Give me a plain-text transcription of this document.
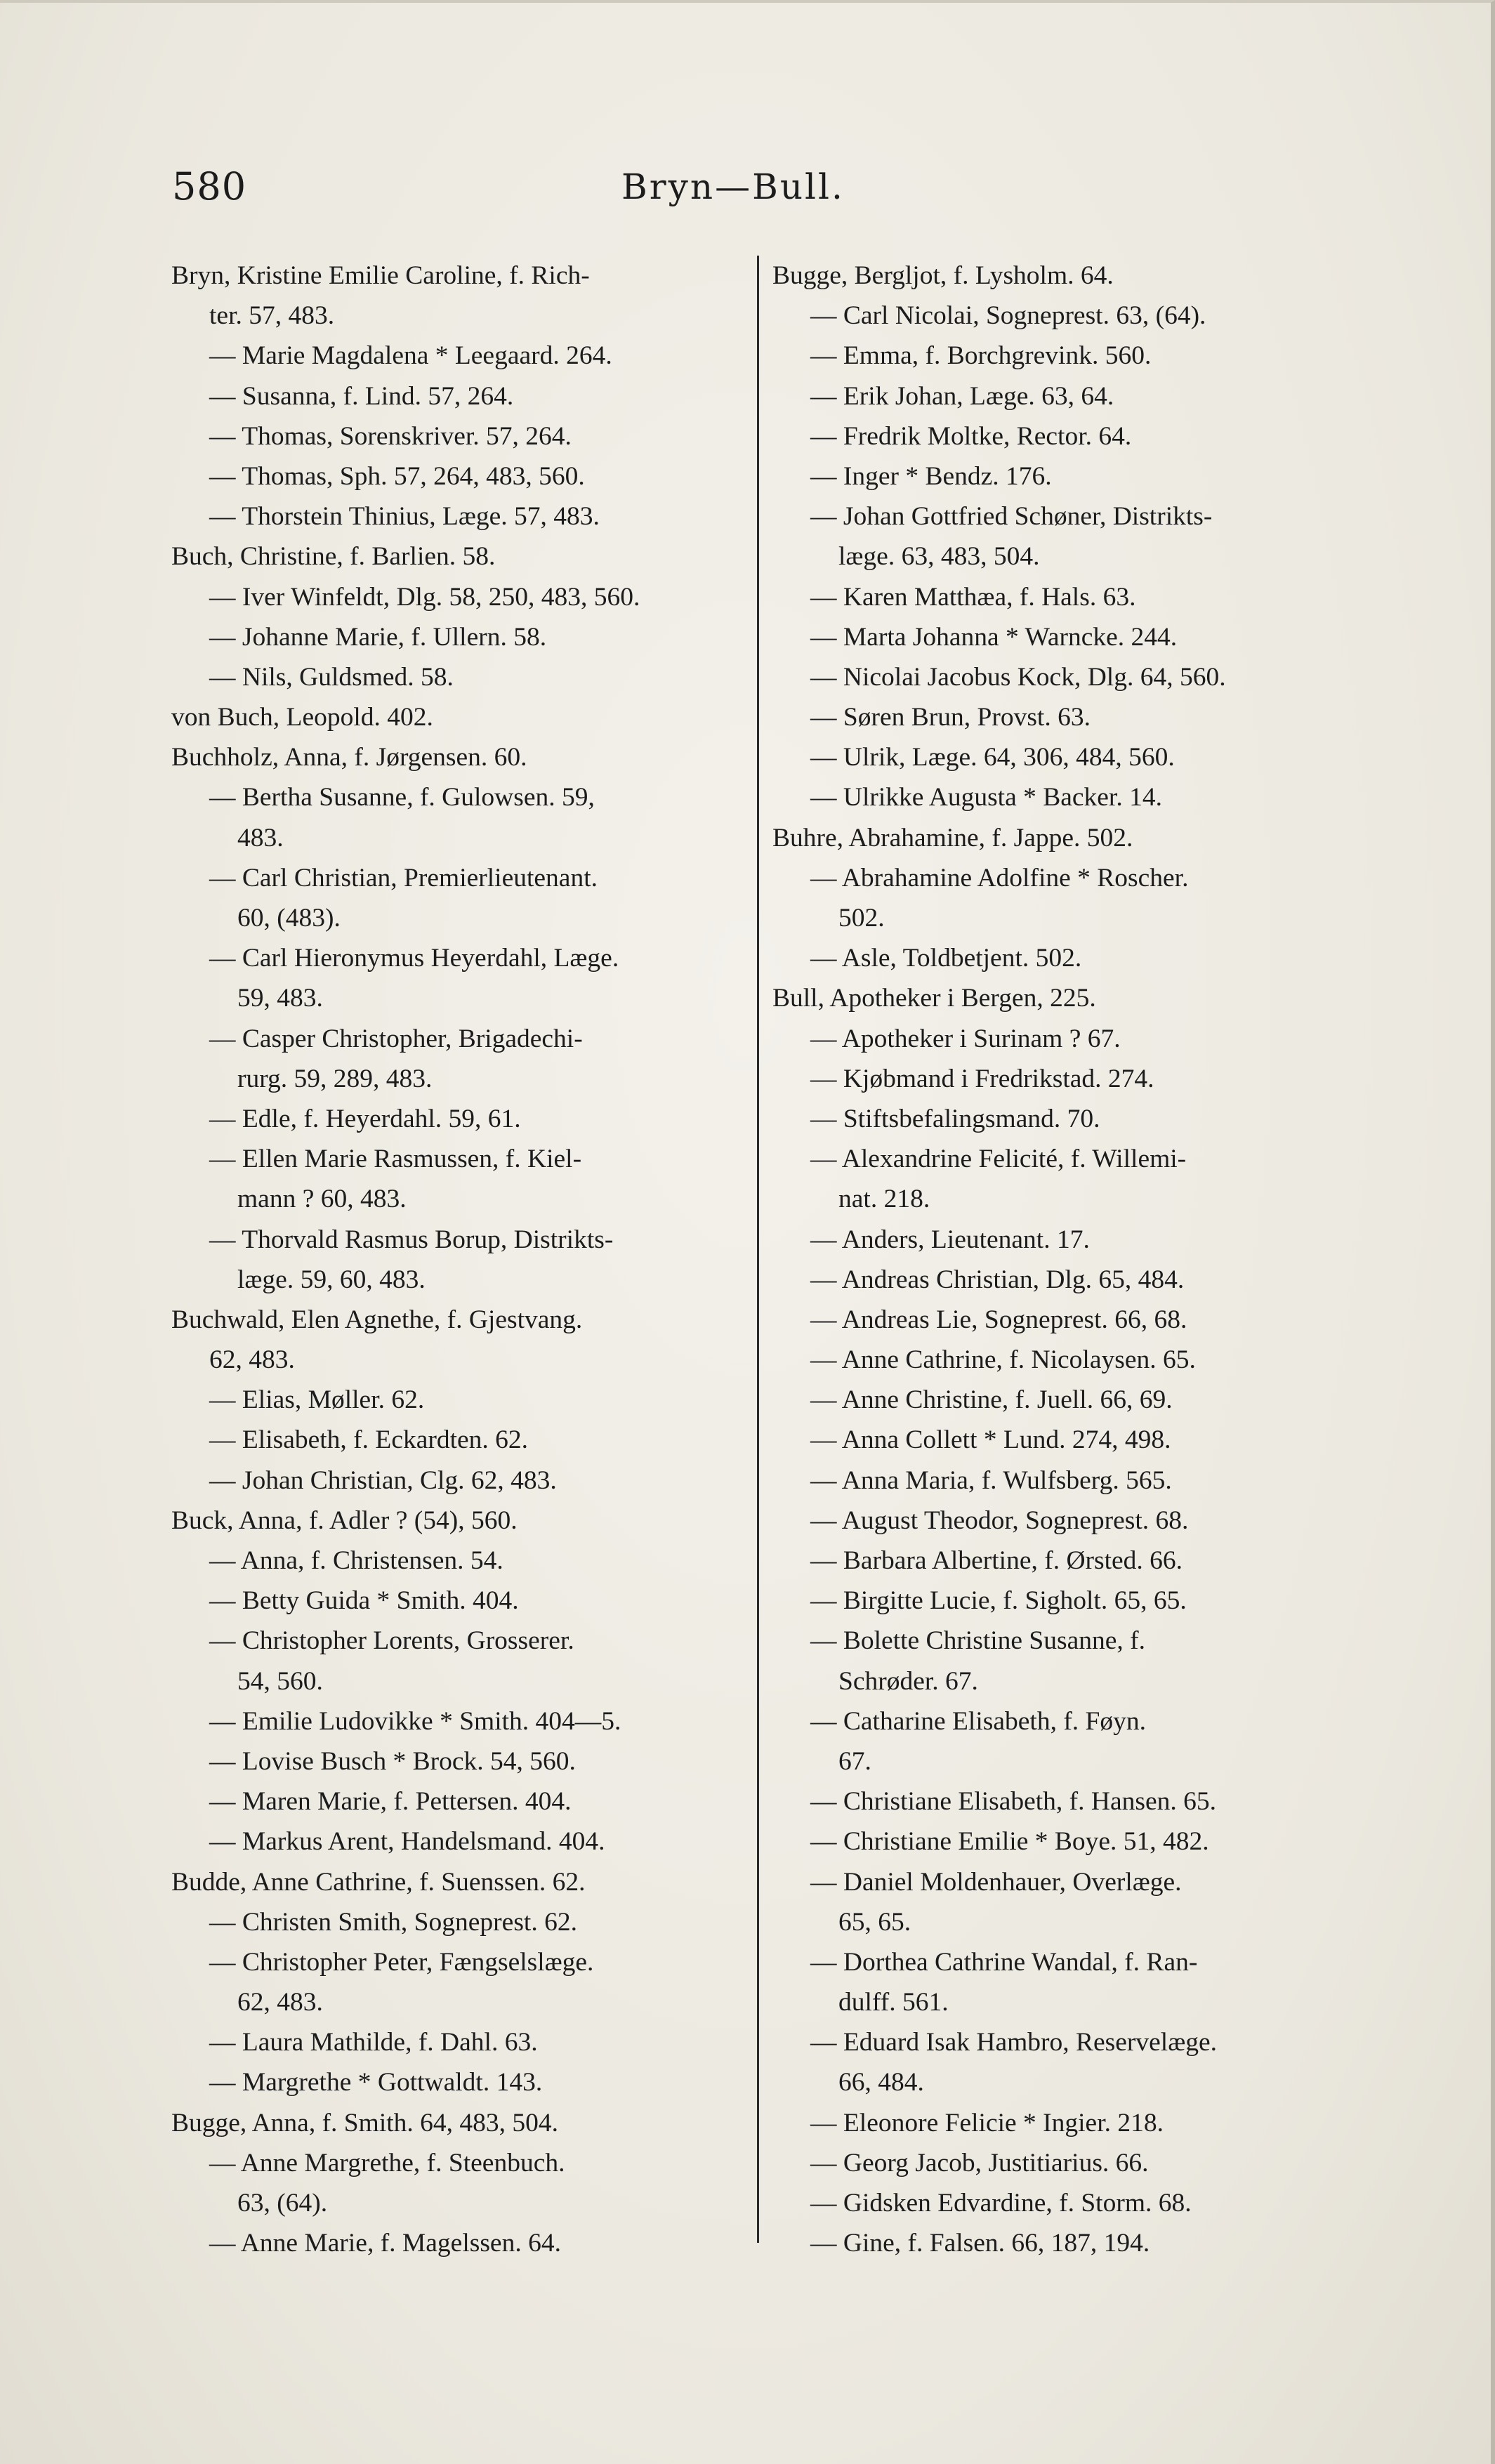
580	Bryn—Bull.
Bryn, Kristine Emilie Caroline, f. Rich-
ter. 57, 483.
— Marie Magdalena * Leegaard. 264.
— Susanna, f. Lind. 57, 264.
— Thomas, Sorenskriver. 57, 264.
— Thomas, Sph. 57, 264, 483, 560.
— Thorstein Thinius, Læge. 57, 483.
Buch, Christine, f. Barlien. 58.
— Iver Winfeldt, Dlg. 58, 250, 483, 560.
— Johanne Marie, f. Ullern. 58.
— Nils, Guldsmed. 58.
von Buch, Leopold. 402.
Buchholz, Anna, f. Jørgensen. 60.
— Bertha Susanne, f. Gulowsen. 59,
483.
— Carl Christian, Premierlieutenant.
60, (483).
— Carl Hieronymus Heyerdahl, Læge.
59, 483.
— Casper Christopher, Brigadechi-
rurg. 59, 289, 483.
— Edle, f. Heyerdahl. 59, 61.
— Ellen Marie Rasmussen, f. Kiel-
mann ? 60, 483.
— Thorvald Rasmus Borup, Distrikts-
læge. 59, 60, 483.
Buchwald, Elen Agnethe, f. Gjestvang.
62, 483.
— Elias, Møller. 62.
— Elisabeth, f. Eckardten. 62.
— Johan Christian, Clg. 62, 483.
Buck, Anna, f. Adler ? (54), 560.
— Anna, f. Christensen. 54.
— Betty Guida * Smith. 404.
— Christopher Lorents, Grosserer.
54, 560.
— Emilie Ludovikke * Smith. 404—5.
— Lovise Busch * Brock. 54, 560.
— Maren Marie, f. Pettersen. 404.
— Markus Arent, Handelsmand. 404.
Budde, Anne Cathrine, f. Suenssen. 62.
— Christen Smith, Sogneprest. 62.
— Christopher Peter, Fængselslæge.
62, 483.
— Laura Mathilde, f. Dahl. 63.
— Margrethe * Gottwaldt. 143.
Bugge, Anna, f. Smith. 64, 483, 504.
— Anne Margrethe, f. Steenbuch.
63, (64).
— Anne Marie, f. Magelssen. 64.
Bugge, Bergljot, f. Lysholm. 64.
— Carl Nicolai, Sogneprest. 63, (64).
— Emma, f. Borchgrevink. 560.
— Erik Johan, Læge. 63, 64.
— Fredrik Moltke, Rector. 64.
— Inger * Bendz. 176.
— Johan Gottfried Schøner, Distrikts-
læge. 63, 483, 504.
— Karen Matthæa, f. Hals. 63.
— Marta Johanna * Warncke. 244.
— Nicolai Jacobus Kock, Dlg. 64, 560.
— Søren Brun, Provst. 63.
— Ulrik, Læge. 64, 306, 484, 560.
— Ulrikke Augusta * Backer. 14.
Buhre, Abrahamine, f. Jappe. 502.
— Abrahamine Adolfine * Roscher.
502.
— Asle, Toldbetjent. 502.
Bull, Apotheker i Bergen, 225.
— Apotheker i Surinam ? 67.
— Kjøbmand i Fredrikstad. 274.
— Stiftsbefalingsmand. 70.
— Alexandrine Felicité, f. Willemi-
nat. 218.
— Anders, Lieutenant. 17.
— Andreas Christian, Dlg. 65, 484.
— Andreas Lie, Sogneprest. 66, 68.
— Anne Cathrine, f. Nicolaysen. 65.
— Anne Christine, f. Juell. 66, 69.
— Anna Collett * Lund. 274, 498.
— Anna Maria, f. Wulfsberg. 565.
— August Theodor, Sogneprest. 68.
— Barbara Albertine, f. Ørsted. 66.
— Birgitte Lucie, f. Sigholt. 65, 65.
— Bolette Christine Susanne, f.
Schrøder. 67.
— Catharine Elisabeth, f. Føyn.
67.
— Christiane Elisabeth, f. Hansen. 65.
— Christiane Emilie * Boye. 51, 482.
— Daniel Moldenhauer, Overlæge.
65, 65.
— Dorthea Cathrine Wandal, f. Ran-
dulff. 561.
— Eduard Isak Hambro, Reservelæge.
66, 484.
— Eleonore Felicie * Ingier. 218.
— Georg Jacob, Justitiarius. 66.
— Gidsken Edvardine, f. Storm. 68.
— Gine, f. Falsen. 66, 187, 194.
